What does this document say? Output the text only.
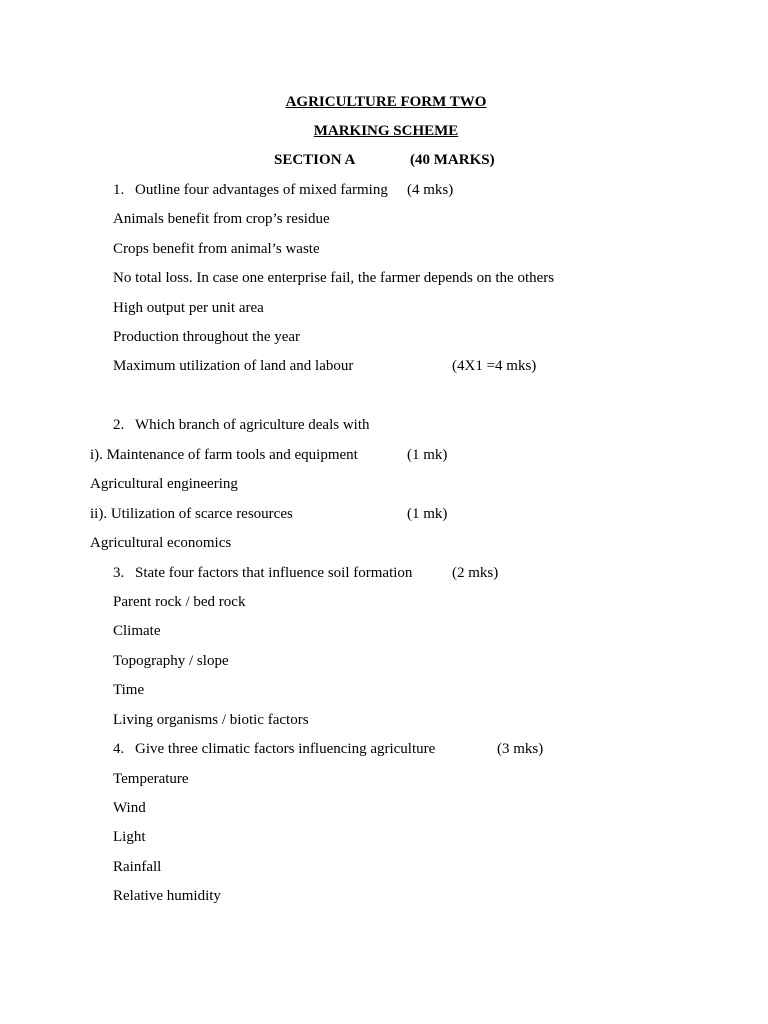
AGRICULTURE FORM TWO
MARKING SCHEME
SECTION A	(40 MARKS)
1. Outline four advantages of mixed farming (4 mks)
Animals benefit from crop’s residue
Crops benefit from animal’s waste
No total loss. In case one enterprise fail, the farmer depends on the others
High output per unit area
Production throughout the year
Maximum utilization of land and labour	(4X1 =4 mks)
2. Which branch of agriculture deals with
i). Maintenance of farm tools and equipment	(1 mk)
Agricultural engineering
ii). Utilization of scarce resources	(1 mk)
Agricultural economics
3. State four factors that influence soil formation	(2 mks)
Parent rock / bed rock
Climate
Topography / slope
Time
Living organisms / biotic factors
4. Give three climatic factors influencing agriculture	(3 mks)
Temperature
Wind
Light
Rainfall
Relative humidity
